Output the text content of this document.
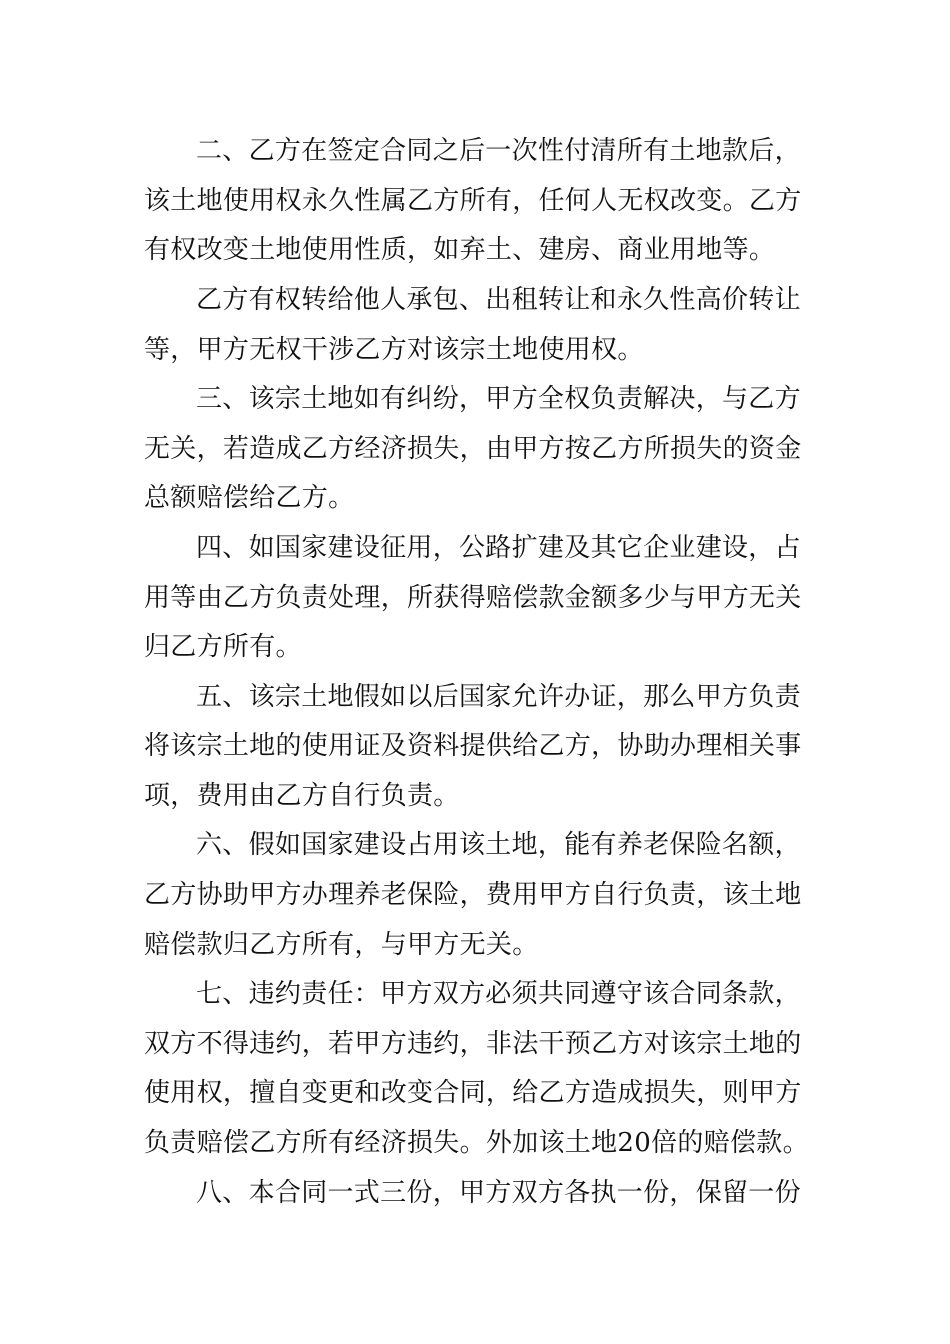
二、乙方在签定合同之后一次性付清所有土地款后，
该土地使用权永久性属乙方所有，任何人无权改变。乙方
有权改变土地使用性质，如弃土、建房、商业用地等。
乙方有权转给他人承包、出租转让和永久性高价转让
等，甲方无权干涉乙方对该宗土地使用权。
三、该宗土地如有纠纷，甲方全权负责解决，与乙方
无关，若造成乙方经济损失，由甲方按乙方所损失的资金
总额赔偿给乙方。
四、如国家建设征用，公路扩建及其它企业建设，占
用等由乙方负责处理，所获得赔偿款金额多少与甲方无关
归乙方所有。
五、该宗土地假如以后国家允许办证，那么甲方负责
将该宗土地的使用证及资料提供给乙方，协助办理相关事
项，费用由乙方自行负责。
六、假如国家建设占用该土地，能有养老保险名额，
乙方协助甲方办理养老保险，费用甲方自行负责，该土地
赔偿款归乙方所有，与甲方无关。
七、违约责任：甲方双方必须共同遵守该合同条款，
双方不得违约，若甲方违约，非法干预乙方对该宗土地的
使用权，擅自变更和改变合同，给乙方造成损失，则甲方
负责赔偿乙方所有经济损失。外加该土地20倍的赔偿款。
八、本合同一式三份，甲方双方各执一份，保留一份
